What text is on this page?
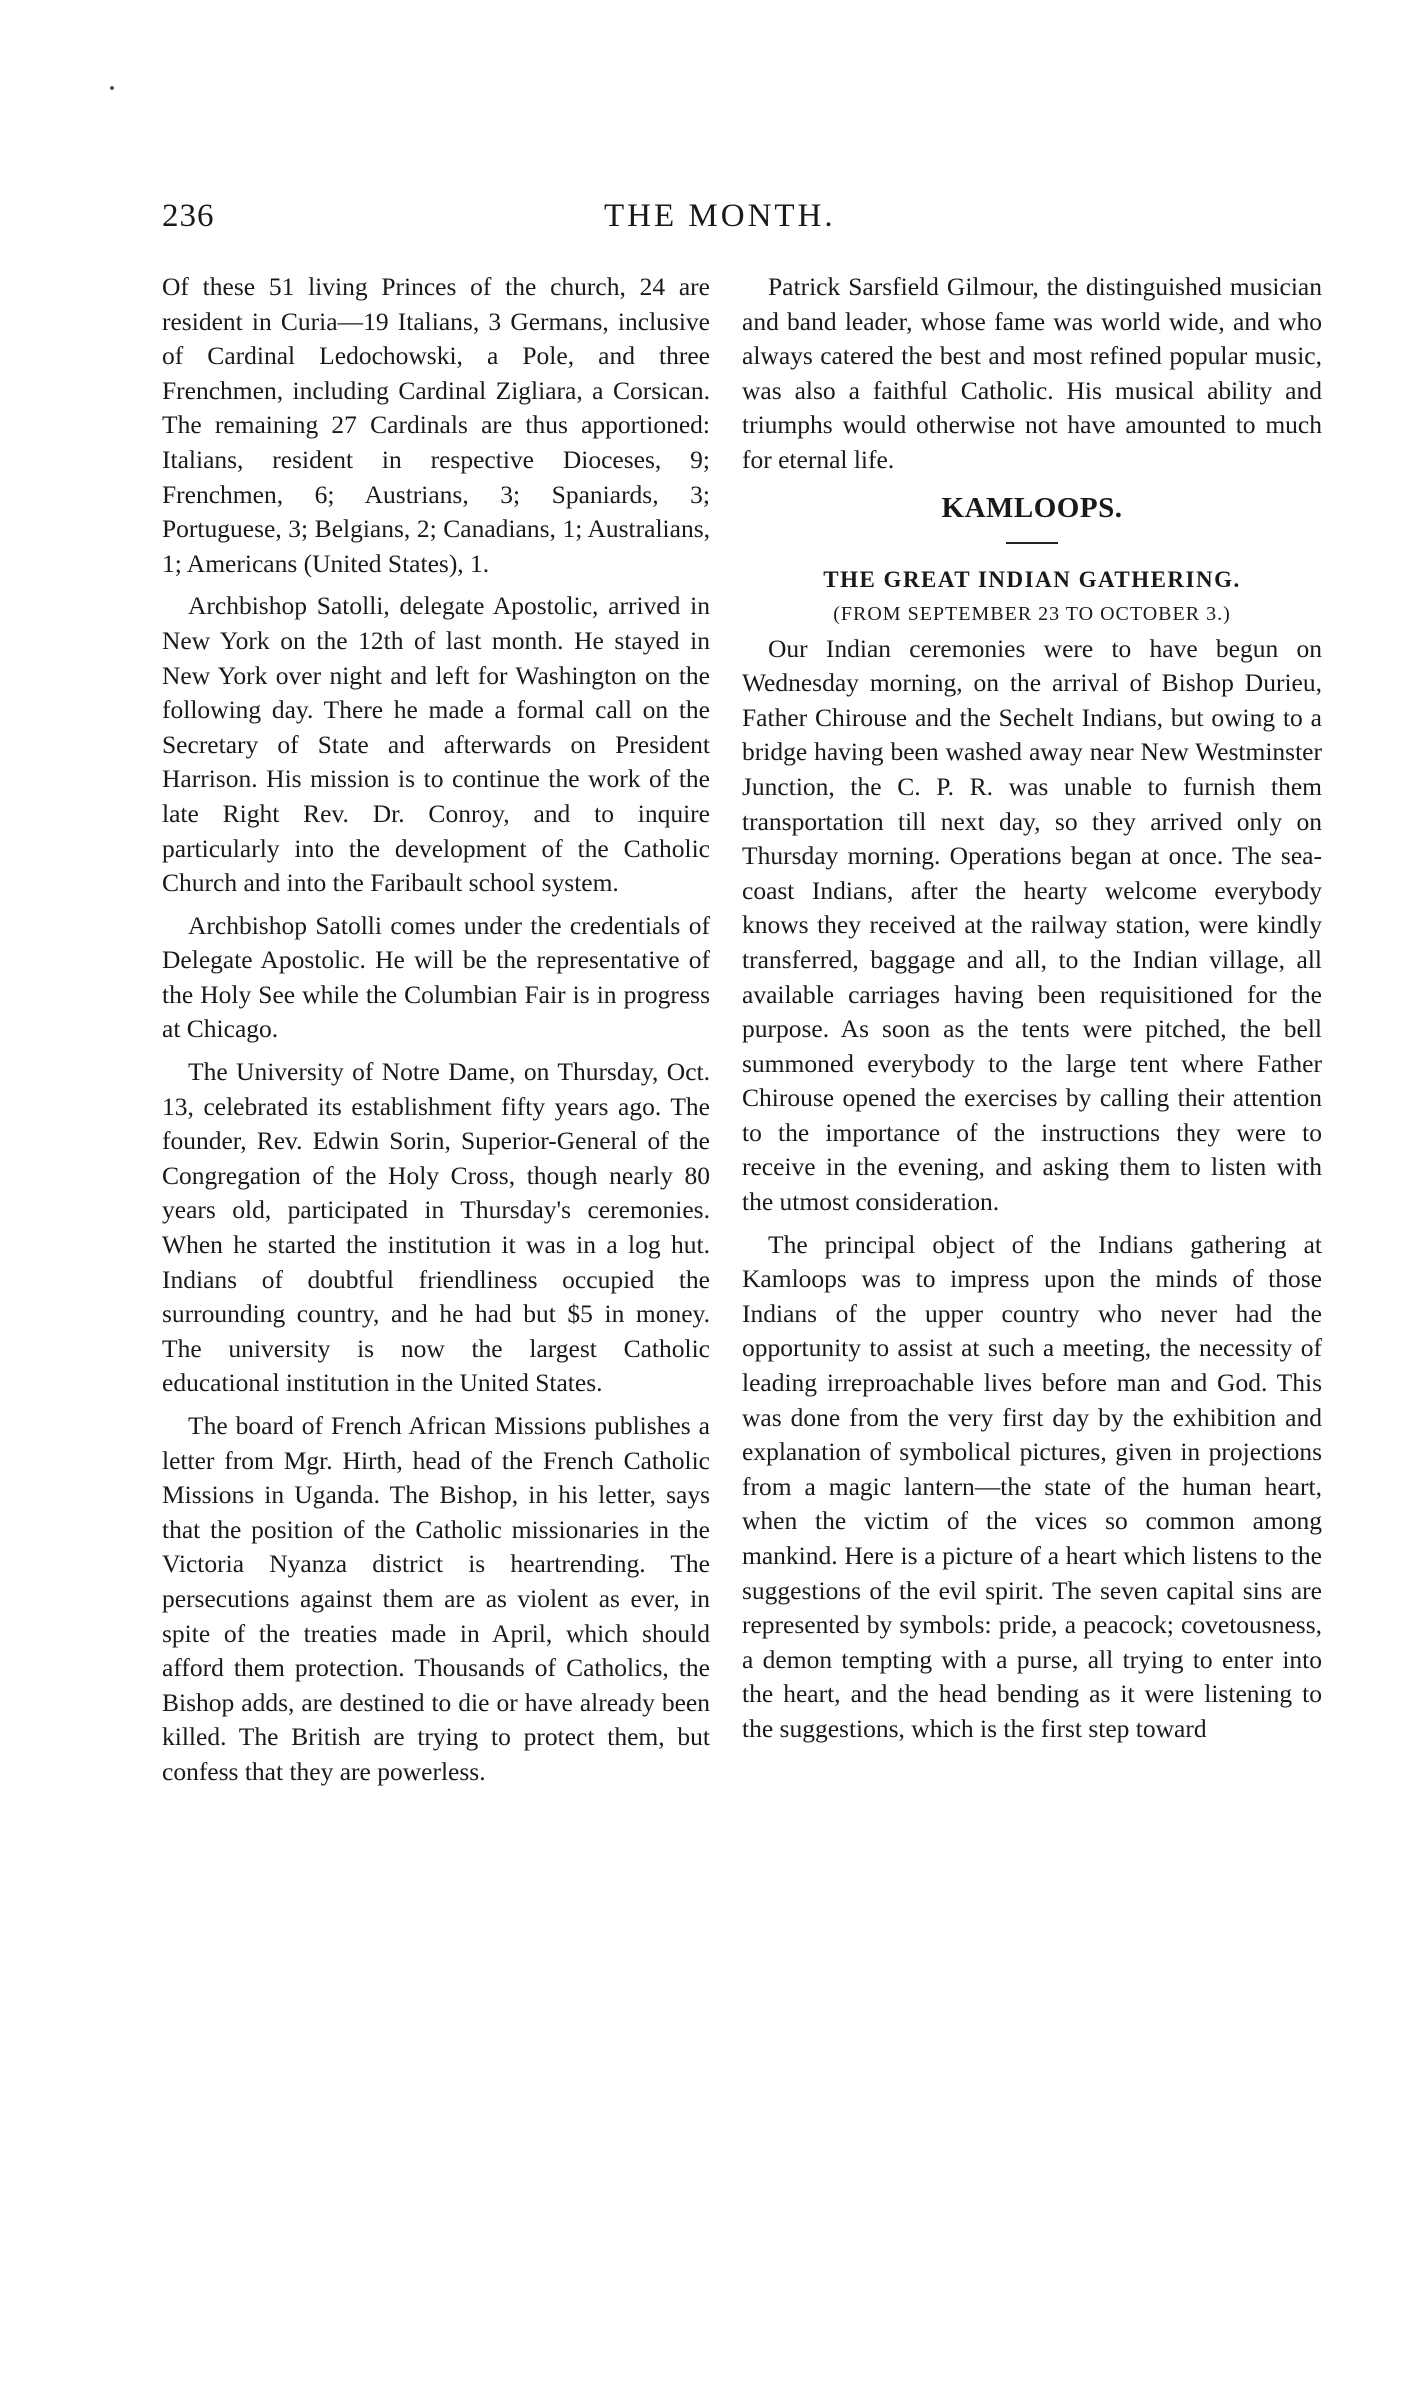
236	THE MONTH.

Of these 51 living Princes of the church, 24 are resident in Curia—19 Italians, 3 Germans, inclusive of Cardinal Ledochowski, a Pole, and three Frenchmen, including Cardinal Zigliara, a Corsican. The remaining 27 Cardinals are thus apportioned: Italians, resident in respective Dioceses, 9; Frenchmen, 6; Austrians, 3; Spaniards, 3; Portuguese, 3; Belgians, 2; Canadians, 1; Australians, 1; Americans (United States), 1.

Archbishop Satolli, delegate Apostolic, arrived in New York on the 12th of last month. He stayed in New York over night and left for Washington on the following day. There he made a formal call on the Secretary of State and afterwards on President Harrison. His mission is to continue the work of the late Right Rev. Dr. Conroy, and to inquire particularly into the development of the Catholic Church and into the Faribault school system.

Archbishop Satolli comes under the credentials of Delegate Apostolic. He will be the representative of the Holy See while the Columbian Fair is in progress at Chicago.

The University of Notre Dame, on Thursday, Oct. 13, celebrated its establishment fifty years ago. The founder, Rev. Edwin Sorin, Superior-General of the Congregation of the Holy Cross, though nearly 80 years old, participated in Thursday's ceremonies. When he started the institution it was in a log hut. Indians of doubtful friendliness occupied the surrounding country, and he had but $5 in money. The university is now the largest Catholic educational institution in the United States.

The board of French African Missions publishes a letter from Mgr. Hirth, head of the French Catholic Missions in Uganda. The Bishop, in his letter, says that the position of the Catholic missionaries in the Victoria Nyanza district is heartrending. The persecutions against them are as violent as ever, in spite of the treaties made in April, which should afford them protection. Thousands of Catholics, the Bishop adds, are destined to die or have already been killed. The British are trying to protect them, but confess that they are powerless.

Patrick Sarsfield Gilmour, the distinguished musician and band leader, whose fame was world wide, and who always catered the best and most refined popular music, was also a faithful Catholic. His musical ability and triumphs would otherwise not have amounted to much for eternal life.

KAMLOOPS.
THE GREAT INDIAN GATHERING.
(FROM SEPTEMBER 23 TO OCTOBER 3.)

Our Indian ceremonies were to have begun on Wednesday morning, on the arrival of Bishop Durieu, Father Chirouse and the Sechelt Indians, but owing to a bridge having been washed away near New Westminster Junction, the C. P. R. was unable to furnish them transportation till next day, so they arrived only on Thursday morning. Operations began at once. The sea-coast Indians, after the hearty welcome everybody knows they received at the railway station, were kindly transferred, baggage and all, to the Indian village, all available carriages having been requisitioned for the purpose. As soon as the tents were pitched, the bell summoned everybody to the large tent where Father Chirouse opened the exercises by calling their attention to the importance of the instructions they were to receive in the evening, and asking them to listen with the utmost consideration.

The principal object of the Indians gathering at Kamloops was to impress upon the minds of those Indians of the upper country who never had the opportunity to assist at such a meeting, the necessity of leading irreproachable lives before man and God. This was done from the very first day by the exhibition and explanation of symbolical pictures, given in projections from a magic lantern—the state of the human heart, when the victim of the vices so common among mankind. Here is a picture of a heart which listens to the suggestions of the evil spirit. The seven capital sins are represented by symbols: pride, a peacock; covetousness, a demon tempting with a purse, all trying to enter into the heart, and the head bending as it were listening to the suggestions, which is the first step toward
